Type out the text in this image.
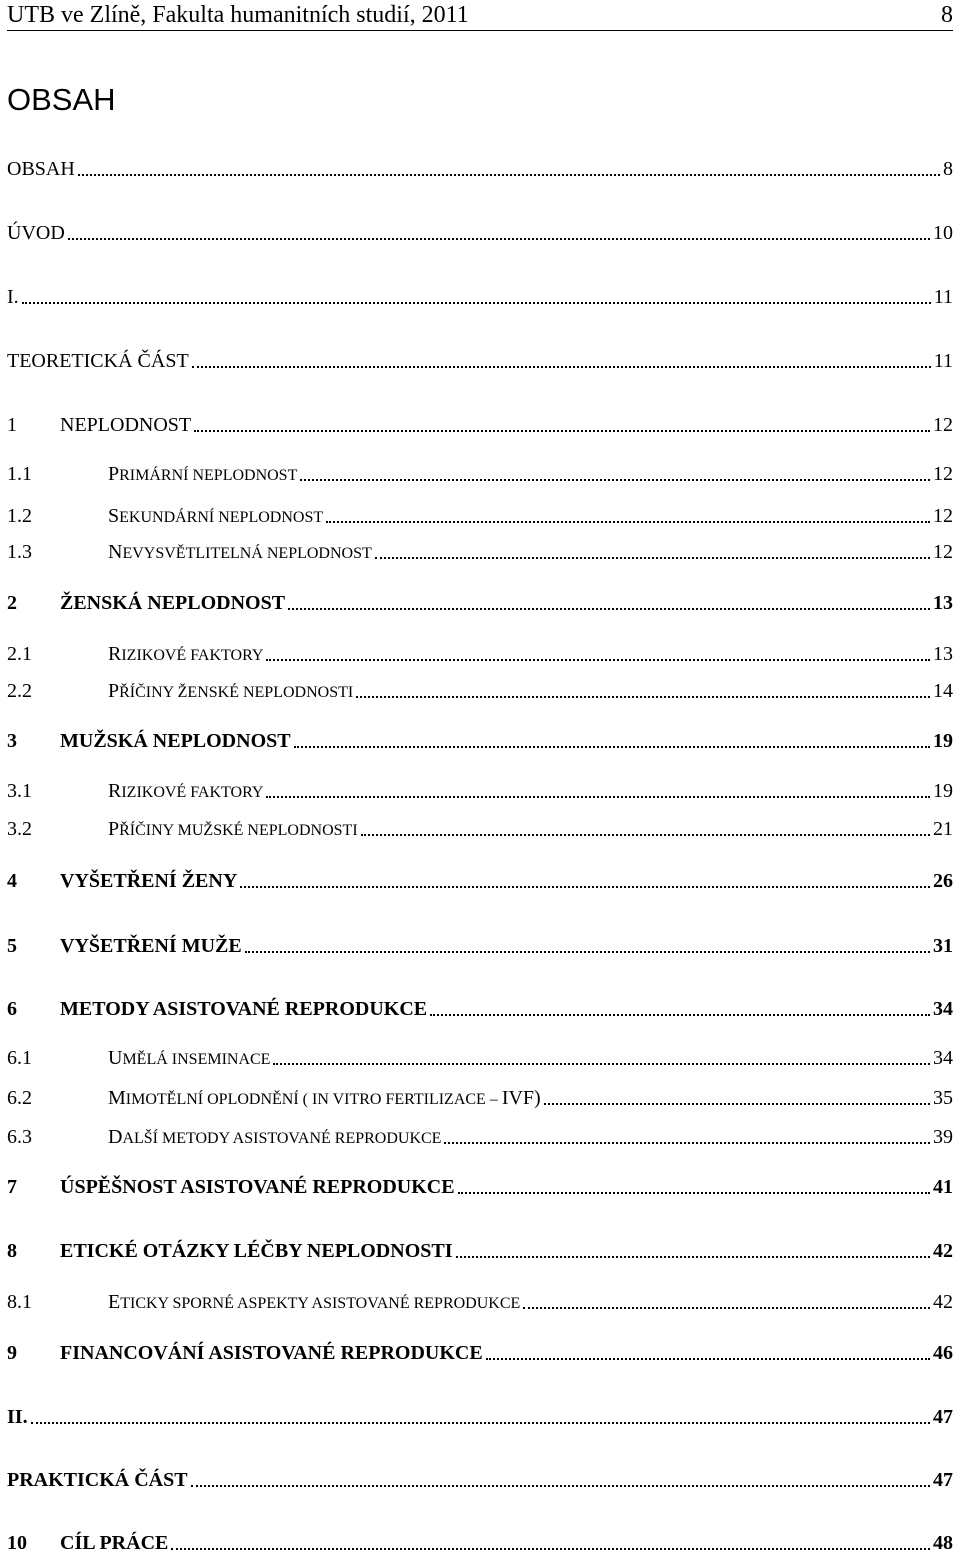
UTB ve Zlíně, Fakulta humanitních studií, 2011	8
OBSAH
OBSAH	8
ÚVOD	10
I.	11
TEORETICKÁ ČÁST	11
1	NEPLODNOST	12
1.1	PRIMÁRNÍ NEPLODNOST	12
1.2	SEKUNDÁRNÍ NEPLODNOST	12
1.3	NEVYSVĚTLITELNÁ NEPLODNOST	12
2	ŽENSKÁ NEPLODNOST	13
2.1	RIZIKOVÉ FAKTORY	13
2.2	PŘÍČINY ŽENSKÉ NEPLODNOSTI	14
3	MUŽSKÁ NEPLODNOST	19
3.1	RIZIKOVÉ FAKTORY	19
3.2	PŘÍČINY MUŽSKÉ NEPLODNOSTI	21
4	VYŠETŘENÍ ŽENY	26
5	VYŠETŘENÍ MUŽE	31
6	METODY ASISTOVANÉ REPRODUKCE	34
6.1	UMĚLÁ INSEMINACE	34
6.2	MIMOTĚLNÍ OPLODNĚNÍ ( IN VITRO FERTILIZACE – IVF)	35
6.3	DALŠÍ METODY ASISTOVANÉ REPRODUKCE	39
7	ÚSPĚŠNOST ASISTOVANÉ REPRODUKCE	41
8	ETICKÉ OTÁZKY LÉČBY NEPLODNOSTI	42
8.1	ETICKY SPORNÉ ASPEKTY ASISTOVANÉ REPRODUKCE	42
9	FINANCOVÁNÍ ASISTOVANÉ REPRODUKCE	46
II.	47
PRAKTICKÁ ČÁST	47
10	CÍL PRÁCE	48
